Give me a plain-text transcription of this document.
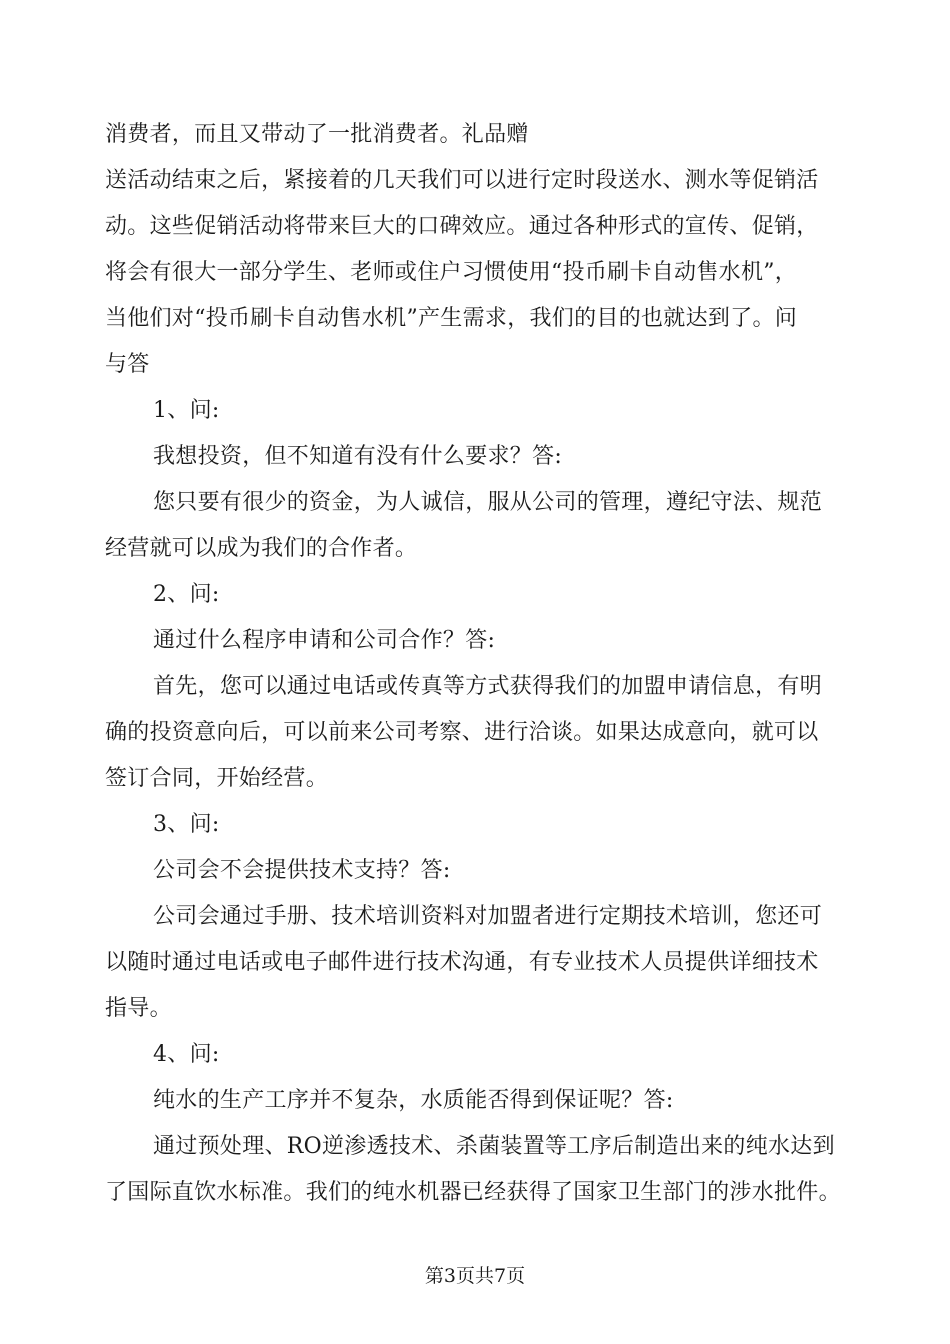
消费者，而且又带动了一批消费者。礼品赠
送活动结束之后，紧接着的几天我们可以进行定时段送水、测水等促销活
动。这些促销活动将带来巨大的口碑效应。通过各种形式的宣传、促销，
将会有很大一部分学生、老师或住户习惯使用“投币刷卡自动售水机”，
当他们对“投币刷卡自动售水机”产生需求，我们的目的也就达到了。问
与答
1、问:
我想投资，但不知道有没有什么要求？答:
您只要有很少的资金，为人诚信，服从公司的管理，遵纪守法、规范
经营就可以成为我们的合作者。
2、问:
通过什么程序申请和公司合作？答:
首先，您可以通过电话或传真等方式获得我们的加盟申请信息，有明
确的投资意向后，可以前来公司考察、进行洽谈。如果达成意向，就可以
签订合同，开始经营。
3、问:
公司会不会提供技术支持？答:
公司会通过手册、技术培训资料对加盟者进行定期技术培训，您还可
以随时通过电话或电子邮件进行技术沟通，有专业技术人员提供详细技术
指导。
4、问:
纯水的生产工序并不复杂，水质能否得到保证呢？答:
通过预处理、RO逆渗透技术、杀菌装置等工序后制造出来的纯水达到
了国际直饮水标准。我们的纯水机器已经获得了国家卫生部门的涉水批件。
第3页共7页
